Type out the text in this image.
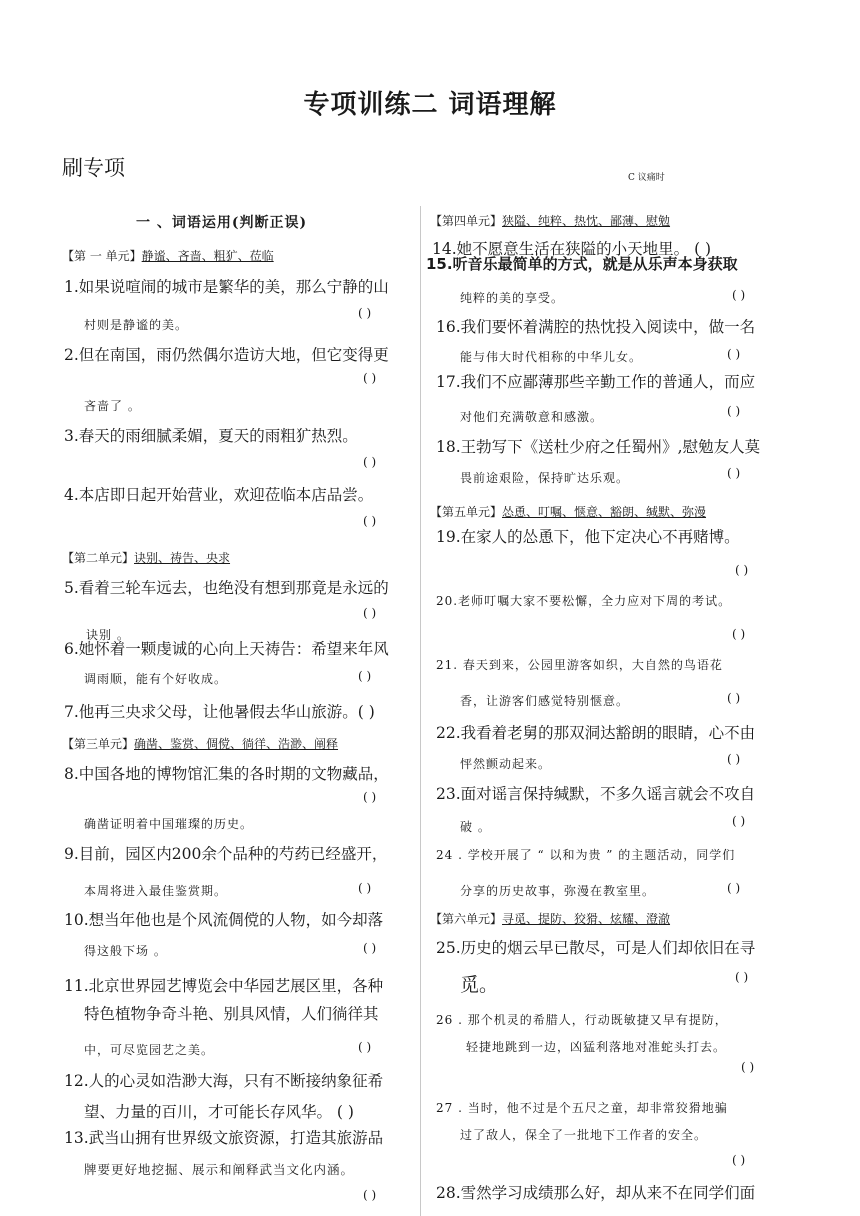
专项训练二 词语理解
刷专项	C 议痛时
一 、词语运用(判断正误)
【第 一 单元】静谧、吝啬、粗犷、莅临
1.如果说喧闹的城市是繁华的美，那么宁静的山
( )
村则是静谧的美。
2.但在南国，雨仍然偶尔造访大地，但它变得更
( )
吝啬了 。
3.春天的雨细腻柔媚，夏天的雨粗犷热烈。
( )
4.本店即日起开始营业，欢迎莅临本店品尝。
( )
【第二单元】诀别、祷告、央求
5.看着三轮车远去，也绝没有想到那竟是永远的
( )
诀别 。
6.她怀着一颗虔诚的心向上天祷告：希望来年风
调雨顺，能有个好收成。	( )
7.他再三央求父母，让他暑假去华山旅游。( )
【第三单元】确凿、鉴赏、倜傥、徜徉、浩渺、阐释
8.中国各地的博物馆汇集的各时期的文物藏品，
( )
确凿证明着中国璀璨的历史。
9.目前，园区内200余个品种的芍药已经盛开，
本周将进入最佳鉴赏期。	( )
10.想当年他也是个风流倜傥的人物，如今却落
得这般下场 。	( )
11.北京世界园艺博览会中华园艺展区里，各种
特色植物争奇斗艳、别具风情，人们徜徉其
中，可尽览园艺之美。	( )
12.人的心灵如浩渺大海，只有不断接纳象征希
望、力量的百川，才可能长存风华。 ( )
13.武当山拥有世界级文旅资源，打造其旅游品
牌要更好地挖掘、展示和阐释武当文化内涵。
( )
【第四单元】狭隘、纯粹、热忱、鄙薄、慰勉
14.她不愿意生活在狭隘的小天地里。 ( )
15.听音乐最简单的方式，就是从乐声本身获取
纯粹的美的享受。	( )
16.我们要怀着满腔的热忱投入阅读中，做一名
能与伟大时代相称的中华儿女。	( )
17.我们不应鄙薄那些辛勤工作的普通人，而应
( )
对他们充满敬意和感激。
18.王勃写下《送杜少府之任蜀州》,慰勉友人莫
( )
畏前途艰险，保持旷达乐观。
【第五单元】怂恿、叮嘱、惬意、豁朗、缄默、弥漫
19.在家人的怂恿下，他下定决心不再赌博。
( )
20.老师叮嘱大家不要松懈，全力应对下周的考试。
( )
21. 春天到来，公园里游客如织，大自然的鸟语花
香，让游客们感觉特别惬意。	( )
22.我看着老舅的那双洞达豁朗的眼睛，心不由
( )
怦然颤动起来。
23.面对谣言保持缄默，不多久谣言就会不攻自
( )
破 。
24 . 学校开展了 “ 以和为贵 ” 的主题活动，同学们
分享的历史故事，弥漫在教室里。	( )
【第六单元】寻觅、提防、狡猾、炫耀、澄澈
25.历史的烟云早已散尽，可是人们却依旧在寻
( )
觅。
26 . 那个机灵的希腊人，行动既敏捷又早有提防，
轻捷地跳到一边，凶猛利落地对准蛇头打去。
( )
27 . 当时，他不过是个五尺之童，却非常狡猾地骗
过了敌人，保全了一批地下工作者的安全。
( )
28.雪然学习成绩那么好，却从来不在同学们面
